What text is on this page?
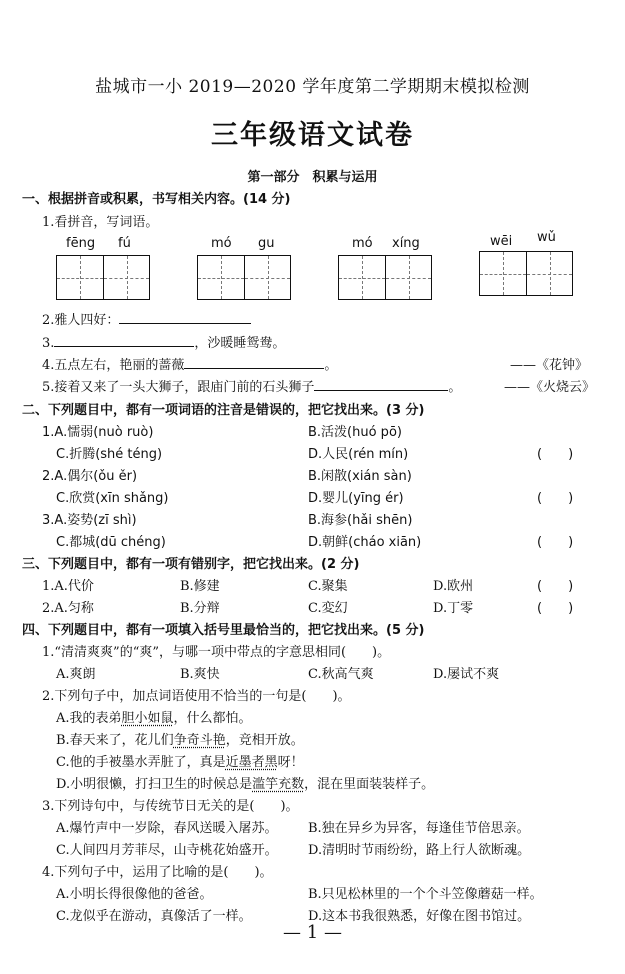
盐城市一小 2019—2020 学年度第二学期期末模拟检测
三年级语文试卷
第一部分　积累与运用
一、根据拼音或积累，书写相关内容。(14 分)
1.看拼音，写词语。
fēng fú	mó gu	mó xíng	wēi wǔ
2.雅人四好：
3.	，沙暖睡鸳鸯。
4.五点左右，艳丽的蔷薇	。	——《花钟》
5.接着又来了一头大狮子，跟庙门前的石头狮子	。	——《火烧云》
二、下列题目中，都有一项词语的注音是错误的，把它找出来。(3 分)
1.A.懦弱(nuò ruò)	B.活泼(huó pō)
C.折腾(shé téng)	D.人民(rén mín)	(　　)
2.A.偶尔(ǒu ěr)	B.闲散(xián sàn)
C.欣赏(xīn shǎng)	D.婴儿(yīng ér)	(　　)
3.A.姿势(zī shì)	B.海参(hǎi shēn)
C.都城(dū chéng)	D.朝鲜(cháo xiān)	(　　)
三、下列题目中，都有一项有错别字，把它找出来。(2 分)
1.A.代价	B.修建	C.聚集	D.欧州	(　　)
2.A.匀称	B.分辩	C.変幻	D.丁零	(　　)
四、下列题目中，都有一项填入括号里最恰当的，把它找出来。(5 分)
1.“清清爽爽”的“爽”，与哪一项中带点的字意思相同(　　)。
A.爽朗	B.爽快	C.秋高气爽	D.屡试不爽
2.下列句子中，加点词语使用不恰当的一句是(　　)。
A.我的表弟胆小如鼠，什么都怕。
B.春天来了，花儿们争奇斗艳，竞相开放。
C.他的手被墨水弄脏了，真是近墨者黑呀！
D.小明很懒，打扫卫生的时候总是滥竽充数，混在里面装装样子。
3.下列诗句中，与传统节日无关的是(　　)。
A.爆竹声中一岁除，春风送暖入屠苏。 B.独在异乡为异客，每逢佳节倍思亲。
C.人间四月芳菲尽，山寺桃花始盛开。 D.清明时节雨纷纷，路上行人欲断魂。
4.下列句子中，运用了比喻的是(　　)。
A.小明长得很像他的爸爸。	B.只见松林里的一个个斗笠像蘑菇一样。
C.龙似乎在游动，真像活了一样。	D.这本书我很熟悉，好像在图书馆过。
— 1 —
